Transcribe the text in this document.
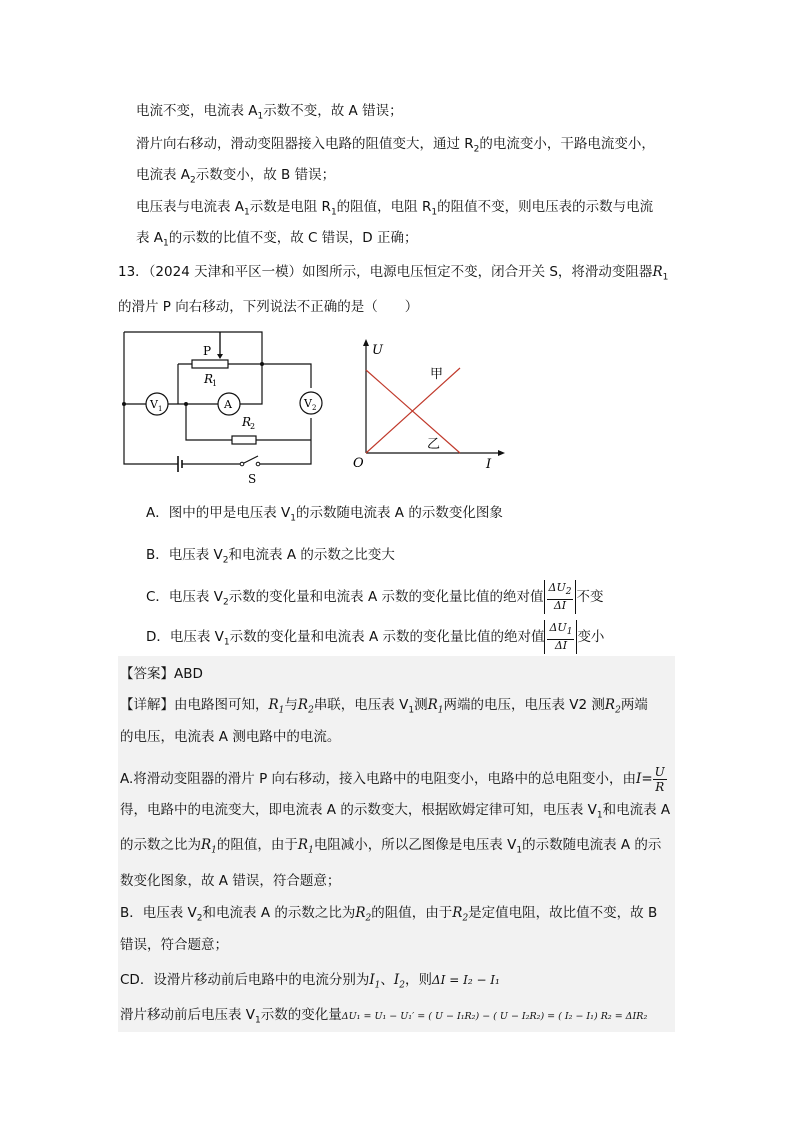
电流不变，电流表 $A_1$示数不变，故 A 错误；
滑片向右移动，滑动变阻器接入电路的阻值变大，通过 $R_2$的电流变小，干路电流变小，
电流表 $A_2$示数变小，故 B 错误；
电压表与电流表 $A_1$示数是电阻 $R_1$的阻值，电阻 $R_1$的阻值不变，则电压表的示数与电流
表 $A_1$的示数的比值不变，故 C 错误，D 正确；
13．（2024 天津和平区一模）如图所示，电源电压恒定不变，闭合开关 S，将滑动变阻器$R_1$
的滑片 P 向右移动，下列说法不正确的是（　　）
P
R
1
R
2
V 1	A	V 2
S
U
I
O
甲
乙
A．图中的甲是电压表 $V_1$的示数随电流表 A 的示数变化图象
B．电压表 $V_2$和电流表 A 的示数之比变大
C．电压表 $V_2$示数的变化量和电流表 A 示数的变化量比值的绝对值 $\frac{\Delta U_2}{\Delta I}$ 不变
D．电压表 $V_1$示数的变化量和电流表 A 示数的变化量比值的绝对值 $\frac{\Delta U_1}{\Delta I}$ 变小
【答案】ABD
【详解】由电路图可知，$R_1$与$R_2$串联，电压表 $V_1$测$R_1$两端的电压，电压表 V2 测$R_2$两端
的电压，电流表 A 测电路中的电流。
A.将滑动变阻器的滑片 P 向右移动，接入电路中的电阻变小，电路中的总电阻变小，由$I= \frac{U}{R}$
得，电路中的电流变大，即电流表 A 的示数变大，根据欧姆定律可知，电压表 $V_1$和电流表 A
的示数之比为$R_1$的阻值，由于$R_1$电阻减小，所以乙图像是电压表 $V_1$的示数随电流表 A 的示
数变化图象，故 A 错误，符合题意；
B．电压表 $V_2$和电流表 A 的示数之比为$R_2$的阻值，由于$R_2$是定值电阻，故比值不变，故 B
错误，符合题意；
CD．设滑片移动前后电路中的电流分别为$I_1$、$I_2$，则ΔI = I₂ − I₁
滑片移动前后电压表 $V_1$示数的变化量ΔU₁ = U₁ − U₁′ = ( U − I₁R₂) − ( U − I₂R₂) = ( I₂ − I₁) R₂ = ΔIR₂
